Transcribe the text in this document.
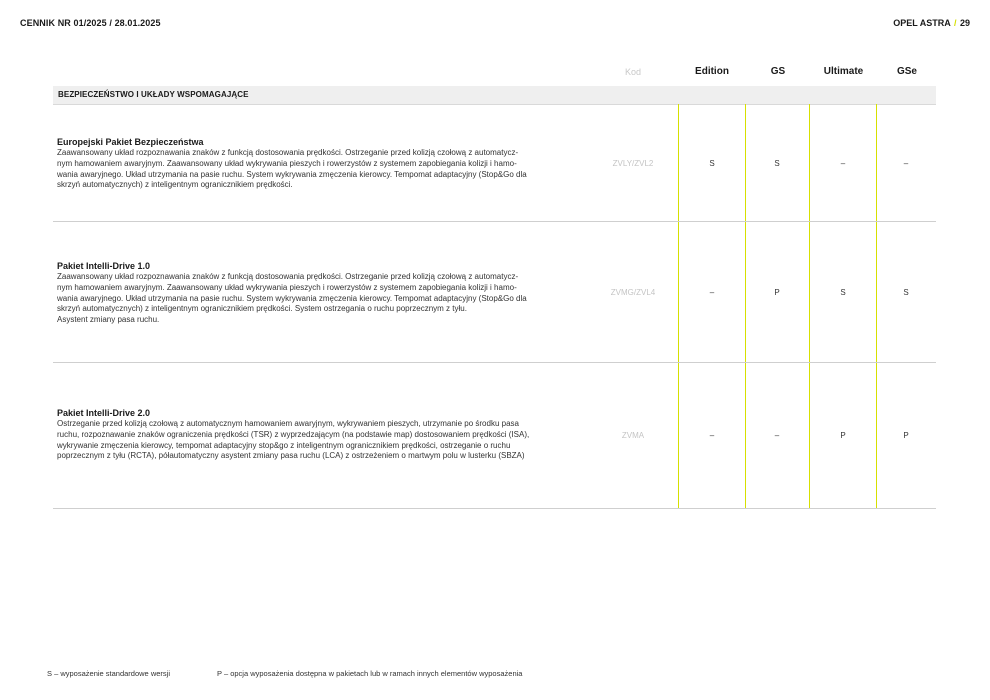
CENNIK NR 01/2025 / 28.01.2025	OPEL ASTRA / 29
Kod	Edition	GS	Ultimate	GSe
BEZPIECZEŃSTWO I UKŁADY WSPOMAGAJĄCE
Europejski Pakiet Bezpieczeństwa
Zaawansowany układ rozpoznawania znaków z funkcją dostosowania prędkości. Ostrzeganie przed kolizją czołową z automatycz-
nym hamowaniem awaryjnym. Zaawansowany układ wykrywania pieszych i rowerzystów z systemem zapobiegania kolizji i hamo-
wania awaryjnego. Układ utrzymania na pasie ruchu. System wykrywania zmęczenia kierowcy. Tempomat adaptacyjny (Stop&Go dla
skrzyń automatycznych) z inteligentnym ogranicznikiem prędkości.
ZVLY/ZVL2	S	S	–	–
Pakiet Intelli-Drive 1.0
Zaawansowany układ rozpoznawania znaków z funkcją dostosowania prędkości. Ostrzeganie przed kolizją czołową z automatycz-
nym hamowaniem awaryjnym. Zaawansowany układ wykrywania pieszych i rowerzystów z systemem zapobiegania kolizji i hamo-
wania awaryjnego. Układ utrzymania na pasie ruchu. System wykrywania zmęczenia kierowcy. Tempomat adaptacyjny (Stop&Go dla
skrzyń automatycznych) z inteligentnym ogranicznikiem prędkości. System ostrzegania o ruchu poprzecznym z tyłu.
Asystent zmiany pasa ruchu.
ZVMG/ZVL4	–	P	S	S
Pakiet Intelli-Drive 2.0
Ostrzeganie przed kolizją czołową z automatycznym hamowaniem awaryjnym, wykrywaniem pieszych, utrzymanie po środku pasa
ruchu, rozpoznawanie znaków ograniczenia prędkości (TSR) z wyprzedzającym (na podstawie map) dostosowaniem prędkości (ISA),
wykrywanie zmęczenia kierowcy, tempomat adaptacyjny stop&go z inteligentnym ogranicznikiem prędkości, ostrzeganie o ruchu
poprzecznym z tyłu (RCTA), półautomatyczny asystent zmiany pasa ruchu (LCA) z ostrzeżeniem o martwym polu w lusterku (SBZA)
ZVMA	–	–	P	P
S – wyposażenie standardowe wersji	P – opcja wyposażenia dostępna w pakietach lub w ramach innych elementów wyposażenia
